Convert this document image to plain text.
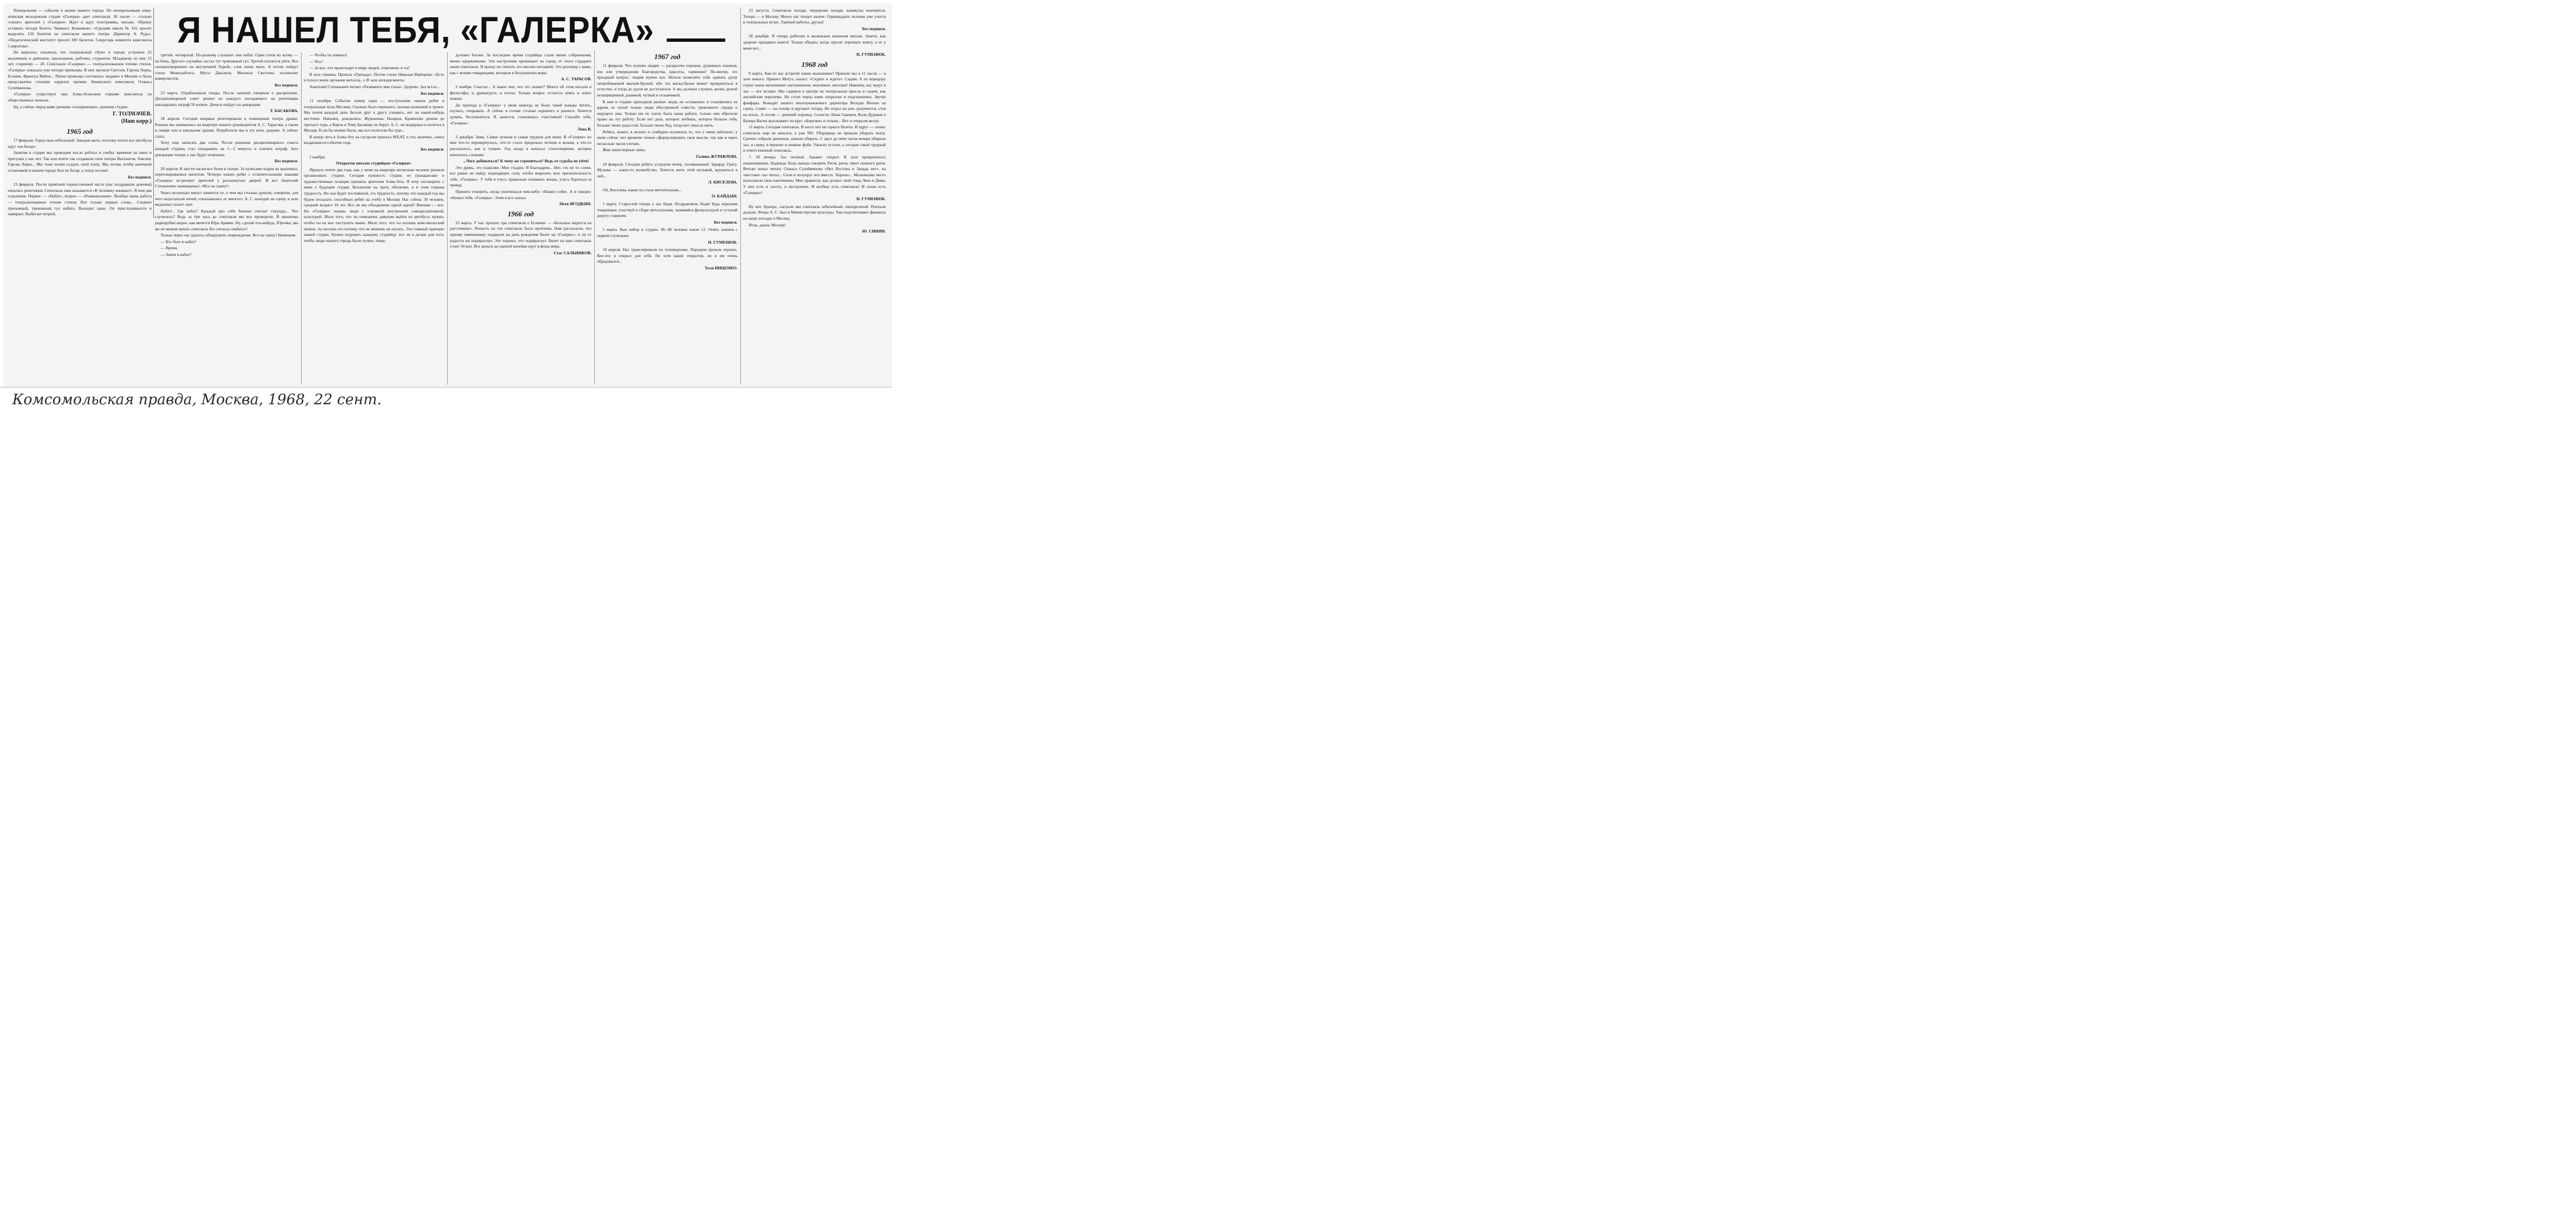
Понедельник — событие в жизни нашего города. По понедельникам алма-атинская молодежная студия «Галерка» дает спектакли. 30 тысяч — столько «своих» зрителей у «Галерки». Идут и идут телеграммы, письма. «Прошу оставить четыре билета. Чимкент. Коженков». «Средняя школа № 101 просит выделить 150 билетов на спектакли вашего театра. Директор А. Рудь». «Педагогический институт просит 300 билетов. Секретарь комитета комсомола Самратова».

Не верилось поначалу, что театральный «бум» в городе устроили 25 мальчишек и девчонок: школьников, рабочих, студентов. Младшему из них 15 лет, старшему — 20. Спектакли «Галерки» — театрализованное чтение стихов. «Галерка» показала уже четыре премьеры. В них звучали Светлов, Гарсиа Лорка, Есенин, Франсуа Вийон... Пятая премьера состоялась недавно в Москве и была представлена стихами лауреата премии Ленинского комсомола Олжаса Сулейменова.

«Галерка» существует при Алма-Атинском горкоме комсомола на общественных началах.

Ну, а сейчас перед вами дневник «галеркинцев», дневник студии.

Г. ТОЛМАЧЕВ.
(Наш корр.)
1965 год

17 февраля. Город наш небольшой. Заводов мало, поэтому почти все автобусы идут «на базар».

Занятия в студии мы проводим после работы и учебы: времени на кино и прогулки у нас нет. Так или почти так создавали свои театры Вахтангов, Хмелев, Гарсиа Лорка... Мы тоже хотим создать свой театр. Мы хотим, чтобы конечной остановкой в нашем городе был не базар, а театр поэзии!

Без подписи.

23 февраля. После приятной торжественной части (нас поздравили девочки) началась репетиция. Спектакль наш называется «К человеку взываю!». В нем два отделения. Первое — «Набат», второе — «Размышления». Вообще наша работа — театрализованное чтение стихов. Вот только первые слова... Слышен призывный, тревожный гул набата. Выходит один. Он прислушивается и замирает. Выбегает второй,

Я НАШЕЛ ТЕБЯ, «ГАЛЕРКА»

третий, четвертый. По-разному слушают они набат. Один готов ко всему — он боец. Другого случайно застал тут тревожный гул. Третий пытается уйти. Все сконцентрировано на внутренней борьбе, слов очень мало. А потом пойдут стихи Межелайтиса, Мусы Джалиля, Михаила Светлова, испанских коммунистов.

Без подписи.

23 марта. Отрабатывали этюды. После занятий говорили о дисциплине. Дисциплинарный совет решил на каждого опоздавшего на репетицию накладывать штраф 50 копеек. Деньги пойдут на декорации.

Т. БАСАКОВА.

18 апреля. Сегодня впервые репетировали в помещении театра драмы. Раньше мы занимались на квартире нашего руководителя А. С. Тарасова, а также в сквере или в школьном здании. Поработали мы в эту ночь здорово. А сейчас спать.

Хочу еще записать два слова. После решения дисциплинарного совета каждый студиец стал опаздывать на 1—2 минуты и платить штраф. Зато декорации теперь у нас будут отличные.

Без подписи.

20 апреля. К шести часам все были в театре. За кулисами ходим на цыпочках, переговариваемся шепотом. Четверо наших ребят с отличительными знаками «Галерка» встречают зрителей у распахнутых дверей. И вот Анатолий Степанович скомандовал: «Все на сцену!»

Через несколько минут начнется то, о чем мы столько думали, говорили, для чего недосыпали ночей, отказывались от многого. А. С. выходит на сцену, в зале медленно гаснет свет.

Набат!.. Где набат? Каждый про себя бешено считает секунды... Что случилось? Ведь за три часа до спектакля мы все проверили. В окошечко радиорубки видно, как мечется Юра Аравин. Ну, сделай что-нибудь, Юрочка, мы же не можем начать спектакль без сигнала «набата»!

Только через час удалось обнаружить повреждение. Все на сцену! Начинаем.

— Кто бьет в набат?

— Время.

— Зачем в набат?

— Чтобы ты помнил!

— Что?

— За все, что происходит в мире людей, отвечаешь и ты!

В зале тишина. Прошла «Гренада». Потом стихи Николая Майорова: «Есть в голосе моем звучание металла...» В зале аплодисменты.

Анатолий Степанович читает «Развяжите мне глаза». Здорово. Зал встал...

Без подписи.

11 октября. Событие номер один — поступление наших ребят в театральные вузы Москвы. Сколько было пережито, сколько волнений и тревог. Мы почти каждый день бегали друг к другу узнавать, нет ли какой-нибудь весточки. Наконец, дождались: Журавлева, Назаров, Кравченко дошли до третьего тура, а Карла и Тому Басакову не берут. А. С. не выдержал и полетел в Москву. Если бы можно было, мы все полетели бы туда...

В конце лета в Алма-Ату на гастроли приехал МХАТ, и это, конечно, самое выдающееся событие года.

Без подписи.

1 ноября.

Открытое письмо студийцам «Галерки».

Прошло почти два года, как у меня на квартире несколько человек решили организовать студию. Сегодня нужность студии, ее гражданские и художественные позиции приняты зрителем Алма-Аты. Я хочу поговорить с вами о будущем студии. Коллектив на треть обновлен, и в этом главная трудность. Но она будет постоянной, эта трудность, потому что каждый год мы будем посылать способных ребят на учебу в Москву. Нас сейчас 30 человек, средний возраст 18 лет. Все ли мы объединены одной идеей? Внешне — все. Но «Галерке» нужны люди с огромной внутренней самодисциплиной, культурой. Мало того, что ты поможешь девушке выйти из автобуса: нужно, чтобы ты не мог поступить иначе. Мало того, что ты носишь комсомольский значок, ты носишь его потому, что не можешь не носить. Это главный принцип нашей студии. Нужно подумать каждому студийцу: все ли я делаю для того, чтобы люди нашего города были лучше, чище,

духовно богаче. За последнее время студийцы стали менее собранными, менее одержимыми. Эти настроения проникают на сцену, от этого страдают наши спектакли. Я прошу не считать это письмо нотацией. Это разговор с вами, как с моими товарищами, которым я безгранично верю.

А. С. ТАРАСОВ.

2 ноября. Счастье... А какое оно, что это значит? Много об этом писали и философы, и драматурги, и поэты. Только вопрос остается опять и опять новым.

До прихода в «Галерку» у меня никогда не было такой жажды читать, изучать, открывать. А сейчас в голове столько хорошего и разного. Хочется думать, беспокоиться. Я, кажется, становлюсь счастливой! Спасибо тебе, «Галерка».

Лена В.

3 декабря. Зима. Самая лучшая и самая трудная для меня. В «Галерке» во мне что-то перевернулось, что-то стало предельно четким и ясным, а что-то расплылось, как в тумане. Год назад я написал стихотворение, которое кончалось словами:

...Чего добиваться? К чему же стремиться? Ведь от судьбы не уйти!

Это дрянь, это плаксиво. Мне стыдно. Я благодарен... Нет, это не то слово, все равно не найду подходящих слов, чтобы выразить всю признательность тебе, «Галерка». У тебя я учусь правильно понимать жизнь, учусь бороться за правду.

Принято говорить, когда увлечешься чем-либо: «Нашел себя». А я говорю: «Нашел тебя, «Галерка». Этим я все сказал.

Петя ЯГОДКИН.

1966 год

22 марта. У нас прошло три спектакля о Есенине — «Большое видится на расстоянии». Попасть на эти спектакли была проблема. Нам рассказали, что одному имениннику подарили на день рождения билет на «Галерку», и он от радости аж подпрыгнул. Это хорошо, что подпрыгнул. Билет на наш спектакль стоит 50 коп. Все деньги до единой копейки идут в фонд мира.

Стас САЛЬНИКОВ.

1967 год

11 февраля. Что нужнее людям — раскрытие пороков, душевных изъянов, язв или утверждение благородства, красоты, гармонии? По-моему, это праздный вопрос: людям нужно все. Нельзя позволять себе одевать душу непробиваемой маской-броней, ибо эта маска-броня может превратиться в естество, и тогда до души не достучаться. А мы должны слушать жизнь душой незащищенной, ранимой, чуткой и отзывчивой.

К нам в студию приходили разные люди, но оставались и становились ее ядром, ее силой только люди обостренной совести, тревожного сердца и ищущего ума. Только им по плечу была наша работа, только они обретали право на эту работу. Если нет дела, которое любишь, которое больше тебя, больше твоих радостей, больше твоих бед, тогда нет смысла жить.

Ребята, может, я нелепо и сумбурно изложила то, что у меня наболело: у меня сейчас нет времени точнее сформулировать свои мысли, так как я через несколько часов улетаю.

Жму ваши верные лапы.

Галина ЖУРАВЛЕВА.

18 февраля. Сегодня ребята устроили вечер, посвященный Эдварду Григу. Музыка — какое-то волшебство. Хочется жить этой музыкой, кружиться в ней...

Л. КИСЕЛЕВА.

Ой, Киселева, какая ты стала мечтательная...

О. КАЙДАШ.

1 марта. Старостой теперь у нас Надя. Поздравляем, Надя! Будь хорошим товарищем, участвуй в сборе металлолома, занимайся физкультурой и уступай дорогу старшим.

Без подписи.

5 марта. Был набор в студию. Из 80 человек взяли 12. Опять начнем с первой ступеньки.

Н. ГУМЕНЮК.

10 апреля. Нас транслировали по телевидению. Передача прошла хорошо. Кое-что я открыл для себя. Не хотя какие открытия, но я им очень обрадовался...

Толя НИЦЕНКО.

23 августа. Спектакли позади, переделки позади, каникулы кончаются. Теперь — в Москву. Много нас поедет нынче. Одиннадцать человек уже учатся в театральных вузах. Удачной работы, друзья!

Без подписи.

28 декабря. Я теперь работаю в маленьком книжном киоске. Знаете, как здорово продавать книги! Только обидно, когда просят хорошую книгу, а ее у меня нет...

Н. ГУМЕНЮК.

1968 год

8 марта. Как-то нас встретят наши мальчишки? Пришли мы в 11 часов — в зале никого. Пришел Мотуз, сказал: «Сидите и ждите». Сидим. А по коридору снуют наши мальчишки: наглаженные, вежливые, веселые! Наконец, нас ведут в зал — все встают. Мы садимся в центре на театральные кресла и сидим, как английские королевы. На столе перед нами открытки и подснежники. Звучат фанфары. Выводят нашего многоуважаемого директора Володю Витько на сцену, ставят — на голову и вручают гитару. Но играл он уже, разумеется, стоя на ногах. А потом — девичий хоровод. Солисты Леша Скачков, Коля Дураков и Валера Васин выплывают на круг. «Березки» и только... Вот и открыли весну.

11 марта. Сегодня спектакль. В кассе нет ни одного билета. И вдруг — снова: спектакль еще не начался, а уже ЧП. Уборщицы не пришли убирать театр. Срочно собрали девчонок, начали убирать. С двух до пяти часов вечера убирали зал, и сцену, и верхнее и нижнее фойе. Ужасно устали, а сегодня такой трудный и ответственный спектакль.

7. 30 вечера. Зал полный. Занавес открыт. В зале прекратилось покашливание. Надежда Хиль начала говорить Ритм, ритм, тянет немного ритм. Витько начал читать Олжаса Сулейменова «Нет Востока и Запада нет», на «востоке» зал читал... Сели в полукруг все вместе. Хорошо... Мальчишки чисто выполнили свои пантомимы. Мне нравится, как делают свой этюд Лена и Дима. У них есть и злость, и настроение. И вообще есть спектакль! И снова есть «Галерка»!

Н. ГУМЕНЮК.

Ну вот, братцы, сыграли мы спектакль юбилейный, пятидесятый. Поехали дальше. Вчера А. С. был в Министерстве культуры. Там подсчитывают финансы на нашу поездку в Москву.

Итак, даешь Москву!

Ю. СИНИН.

Комсомольская правда, Москва, 1968, 22 сент.
